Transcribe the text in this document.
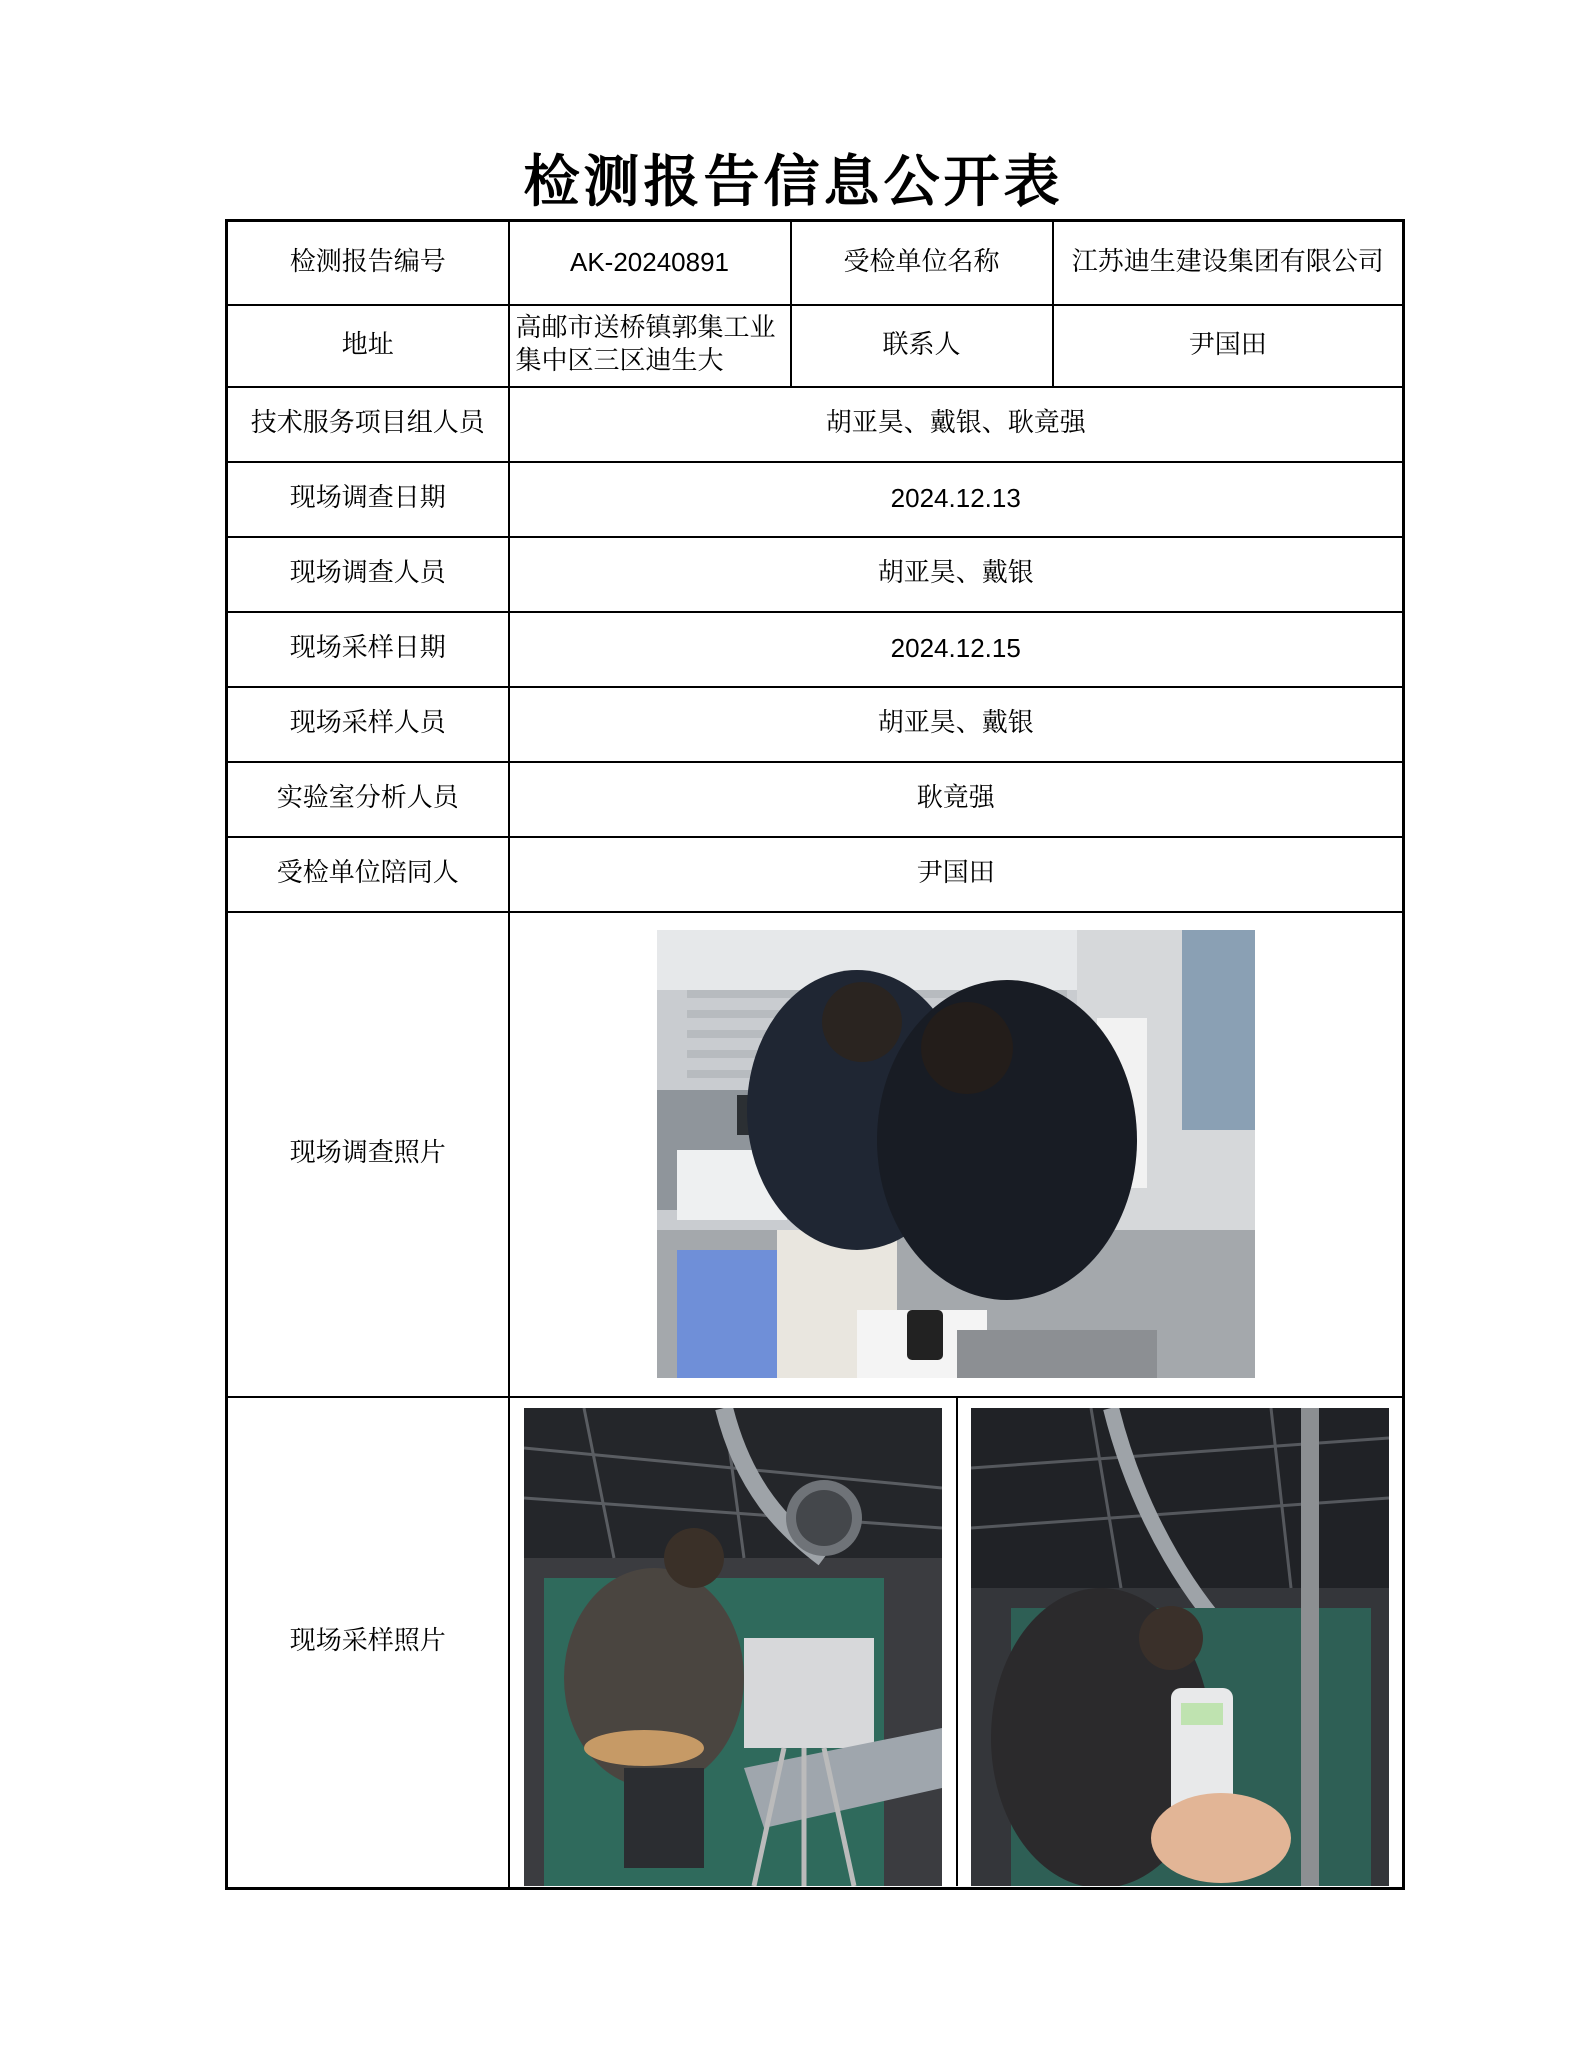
检测报告信息公开表
检测报告编号	AK-20240891	受检单位名称	江苏迪生建设集团有限公司
地址	高邮市送桥镇郭集工业集中区三区迪生大	联系人	尹国田
技术服务项目组人员	胡亚昊、戴银、耿竟强		
现场调查日期	2024.12.13		
现场调查人员	胡亚昊、戴银		
现场采样日期	2024.12.15		
现场采样人员	胡亚昊、戴银		
实验室分析人员	耿竟强		
受检单位陪同人	尹国田		
现场调查照片	

现场采样照片	
